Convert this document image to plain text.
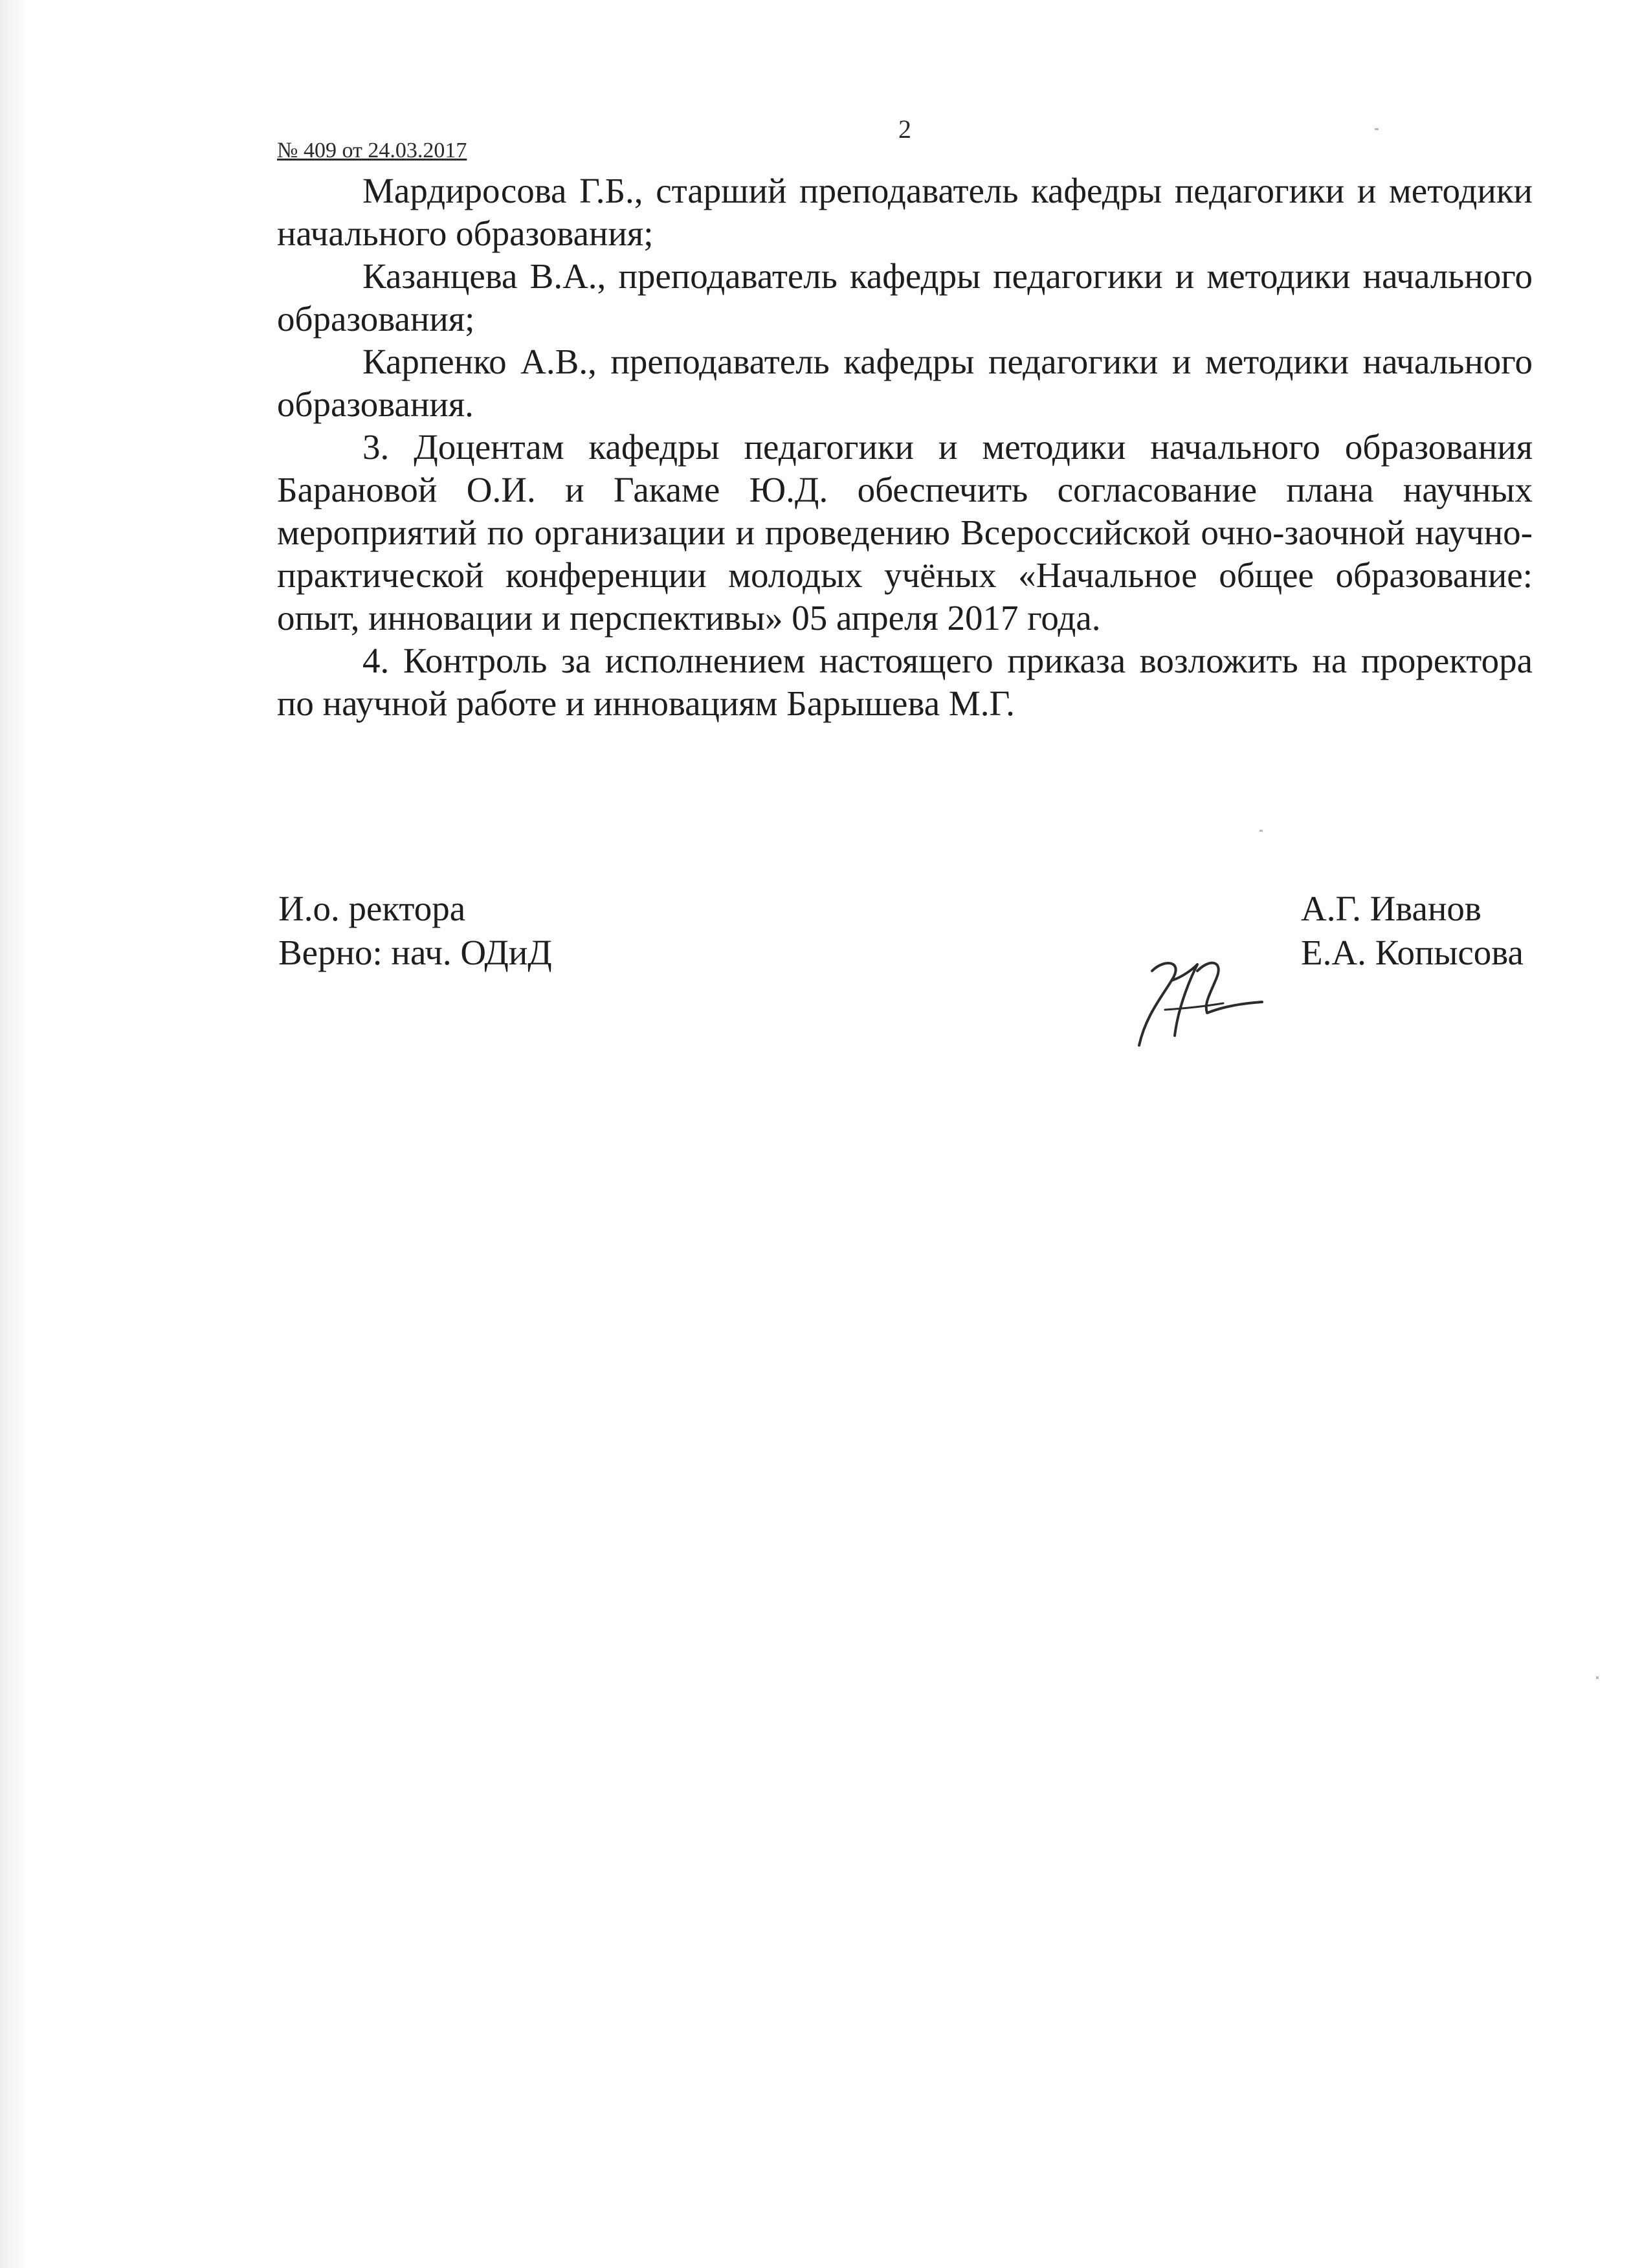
2
№ 409 от 24.03.2017

Мардиросова Г.Б., старший преподаватель кафедры педагогики и методики начального образования;

Казанцева В.А., преподаватель кафедры педагогики и методики начального образования;

Карпенко А.В., преподаватель кафедры педагогики и методики начального образования.

3. Доцентам кафедры педагогики и методики начального образования Барановой О.И. и Гакаме Ю.Д. обеспечить согласование плана научных мероприятий по организации и проведению Всероссийской очно-заочной научно-практической конференции молодых учёных «Начальное общее образование: опыт, инновации и перспективы» 05 апреля 2017 года.

4. Контроль за исполнением настоящего приказа возложить на проректора по научной работе и инновациям Барышева М.Г.

И.о. ректора
Верно: нач. ОДиД
А.Г. Иванов
Е.А. Копысова
